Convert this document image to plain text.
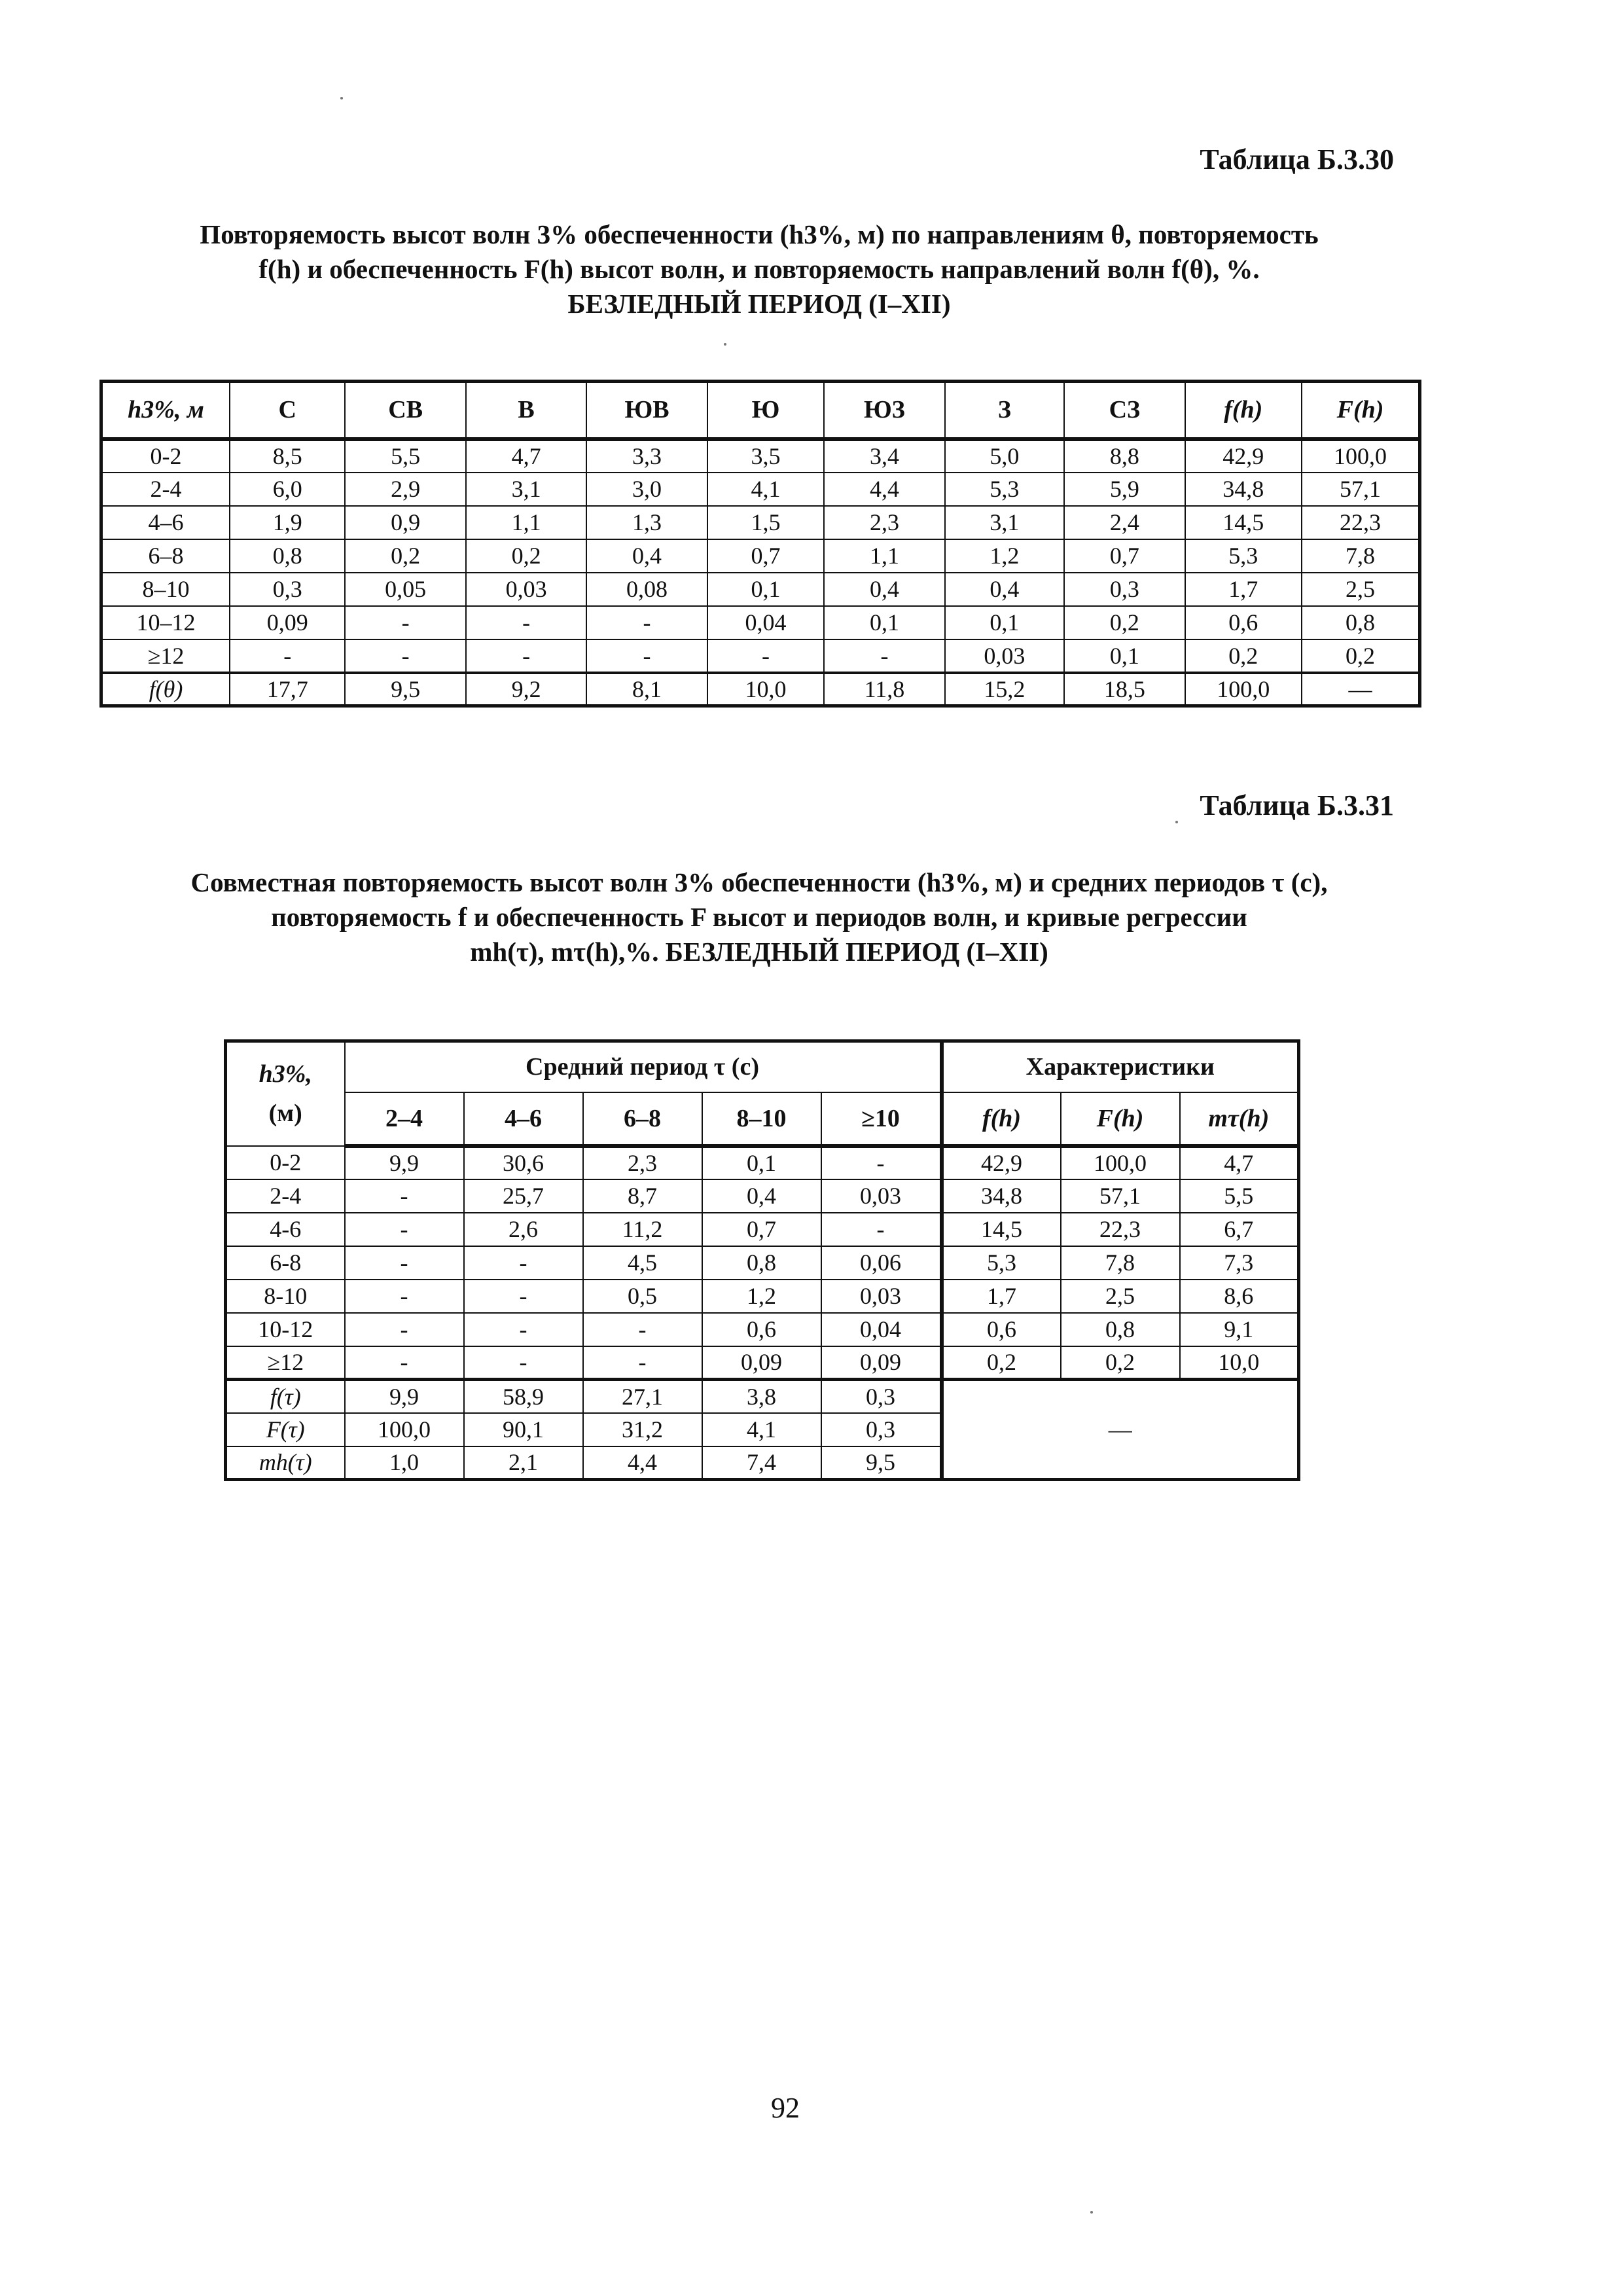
Таблица Б.3.30
Повторяемость высот волн 3% обеспеченности (h3%, м) по направлениям θ, повторяемость
f(h) и обеспеченность F(h) высот волн, и повторяемость направлений волн f(θ), %.
БЕЗЛЕДНЫЙ ПЕРИОД (I–XII)
h3%, м	С	СВ	В	ЮВ	Ю	ЮЗ	З	СЗ	f(h)	F(h)
0-2	8,5	5,5	4,7	3,3	3,5	3,4	5,0	8,8	42,9	100,0
2-4	6,0	2,9	3,1	3,0	4,1	4,4	5,3	5,9	34,8	57,1
4–6	1,9	0,9	1,1	1,3	1,5	2,3	3,1	2,4	14,5	22,3
6–8	0,8	0,2	0,2	0,4	0,7	1,1	1,2	0,7	5,3	7,8
8–10	0,3	0,05	0,03	0,08	0,1	0,4	0,4	0,3	1,7	2,5
10–12	0,09	-	-	-	0,04	0,1	0,1	0,2	0,6	0,8
≥12	-	-	-	-	-	-	0,03	0,1	0,2	0,2
f(θ)	17,7	9,5	9,2	8,1	10,0	11,8	15,2	18,5	100,0	—
Таблица Б.3.31
Совместная повторяемость высот волн 3% обеспеченности (h3%, м) и средних периодов τ (с),
повторяемость f и обеспеченность F высот и периодов волн, и кривые регрессии
mh(τ), mτ(h),%. БЕЗЛЕДНЫЙ ПЕРИОД (I–XII)
h3%,
(м)	Средний период τ (с)					Характеристики		
	2–4	4–6	6–8	8–10	≥10	f(h)	F(h)	mτ(h)
0-2	9,9	30,6	2,3	0,1	-	42,9	100,0	4,7
2-4	-	25,7	8,7	0,4	0,03	34,8	57,1	5,5
4-6	-	2,6	11,2	0,7	-	14,5	22,3	6,7
6-8	-	-	4,5	0,8	0,06	5,3	7,8	7,3
8-10	-	-	0,5	1,2	0,03	1,7	2,5	8,6
10-12	-	-	-	0,6	0,04	0,6	0,8	9,1
≥12	-	-	-	0,09	0,09	0,2	0,2	10,0
f(τ)	9,9	58,9	27,1	3,8	0,3	—		
F(τ)	100,0	90,1	31,2	4,1	0,3			
mh(τ)	1,0	2,1	4,4	7,4	9,5			
92
